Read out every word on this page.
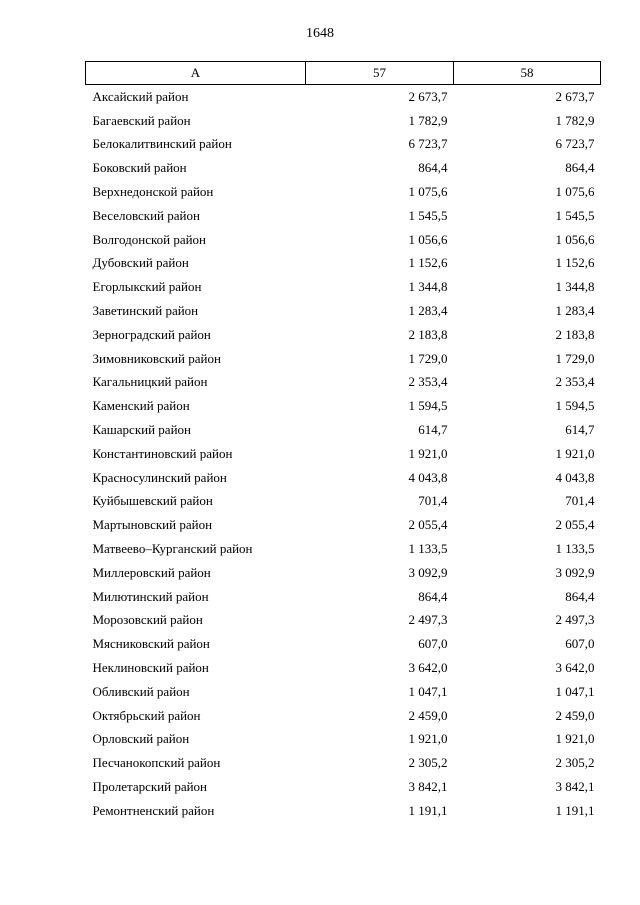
1648
А	57	58
Аксайский район	2 673,7	2 673,7
Багаевский район	1 782,9	1 782,9
Белокалитвинский район	6 723,7	6 723,7
Боковский район	864,4	864,4
Верхнедонской район	1 075,6	1 075,6
Веселовский район	1 545,5	1 545,5
Волгодонской район	1 056,6	1 056,6
Дубовский район	1 152,6	1 152,6
Егорлыкский район	1 344,8	1 344,8
Заветинский район	1 283,4	1 283,4
Зерноградский район	2 183,8	2 183,8
Зимовниковский район	1 729,0	1 729,0
Кагальницкий район	2 353,4	2 353,4
Каменский район	1 594,5	1 594,5
Кашарский район	614,7	614,7
Константиновский район	1 921,0	1 921,0
Красносулинский район	4 043,8	4 043,8
Куйбышевский район	701,4	701,4
Мартыновский район	2 055,4	2 055,4
Матвеево–Курганский район	1 133,5	1 133,5
Миллеровский район	3 092,9	3 092,9
Милютинский район	864,4	864,4
Морозовский район	2 497,3	2 497,3
Мясниковский район	607,0	607,0
Неклиновский район	3 642,0	3 642,0
Обливский район	1 047,1	1 047,1
Октябрьский район	2 459,0	2 459,0
Орловский район	1 921,0	1 921,0
Песчанокопский район	2 305,2	2 305,2
Пролетарский район	3 842,1	3 842,1
Ремонтненский район	1 191,1	1 191,1
